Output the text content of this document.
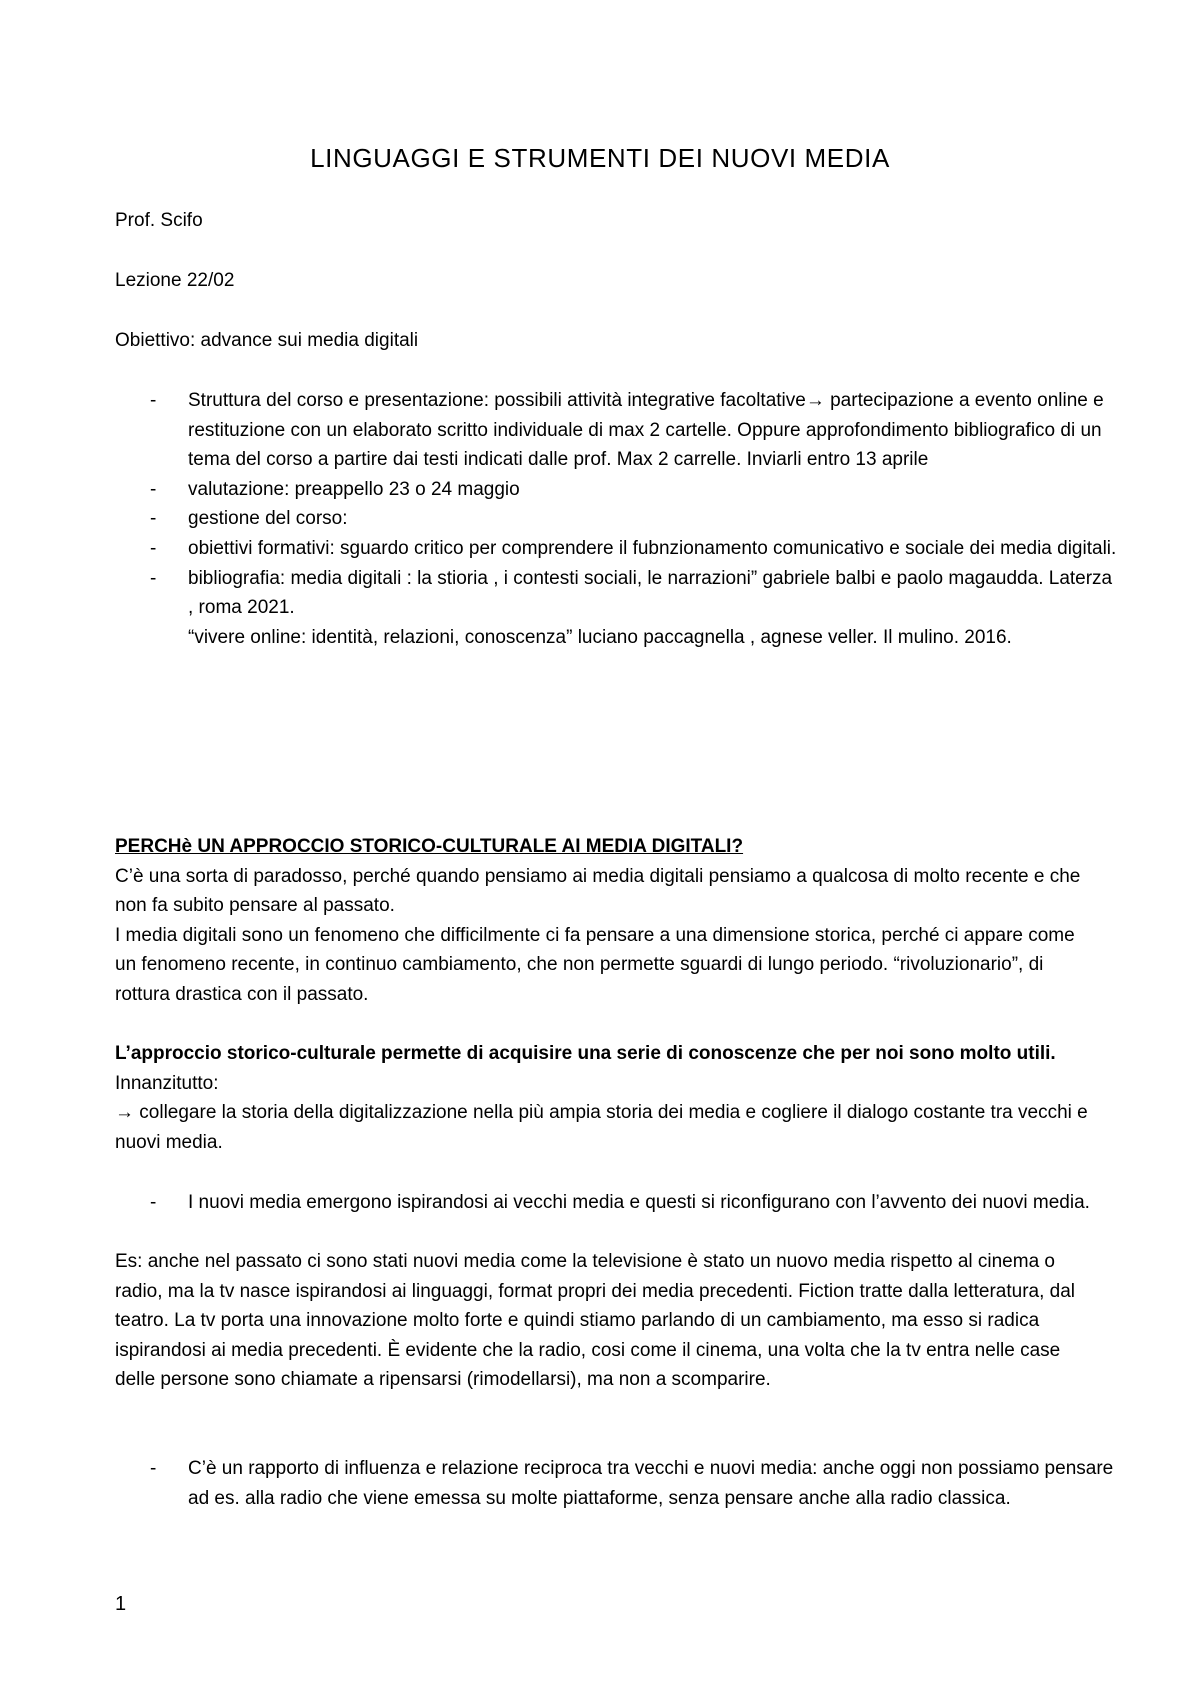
LINGUAGGI E STRUMENTI DEI NUOVI MEDIA
Prof. Scifo
Lezione 22/02
Obiettivo: advance sui media digitali
- Struttura del corso e presentazione: possibili attività integrative facoltative→ partecipazione a evento online e restituzione con un elaborato scritto individuale di max 2 cartelle. Oppure approfondimento bibliografico di un tema del corso a partire dai testi indicati dalle prof. Max 2 carrelle. Inviarli entro 13 aprile
- valutazione: preappello 23 o 24 maggio
- gestione del corso:
- obiettivi formativi: sguardo critico per comprendere il fubnzionamento comunicativo e sociale dei media digitali.
- bibliografia: media digitali : la stioria , i contesti sociali, le narrazioni” gabriele balbi e paolo magaudda. Laterza , roma 2021.
“vivere online: identità, relazioni, conoscenza” luciano paccagnella , agnese veller. Il mulino. 2016.

PERCHè UN APPROCCIO STORICO-CULTURALE AI MEDIA DIGITALI?

C’è una sorta di paradosso, perché quando pensiamo ai media digitali pensiamo a qualcosa di molto recente e che non fa subito pensare al passato.

I media digitali sono un fenomeno che difficilmente ci fa pensare a una dimensione storica, perché ci appare come un fenomeno recente, in continuo cambiamento, che non permette sguardi di lungo periodo. “rivoluzionario”, di rottura drastica con il passato.

L’approccio storico-culturale permette di acquisire una serie di conoscenze che per noi sono molto utili.

Innanzitutto:

→ collegare la storia della digitalizzazione nella più ampia storia dei media e cogliere il dialogo costante tra vecchi e nuovi media.

- I nuovi media emergono ispirandosi ai vecchi media e questi si riconfigurano con l’avvento dei nuovi media.

Es: anche nel passato ci sono stati nuovi media come la televisione è stato un nuovo media rispetto al cinema o radio, ma la tv nasce ispirandosi ai linguaggi, format propri dei media precedenti. Fiction tratte dalla letteratura, dal teatro. La tv porta una innovazione molto forte e quindi stiamo parlando di un cambiamento, ma esso si radica ispirandosi ai media precedenti. È evidente che la radio, cosi come il cinema, una volta che la tv entra nelle case delle persone sono chiamate a ripensarsi (rimodellarsi), ma non a scomparire.

- C’è un rapporto di influenza e relazione reciproca tra vecchi e nuovi media: anche oggi non possiamo pensare ad es. alla radio che viene emessa su molte piattaforme, senza pensare anche alla radio classica.
1
